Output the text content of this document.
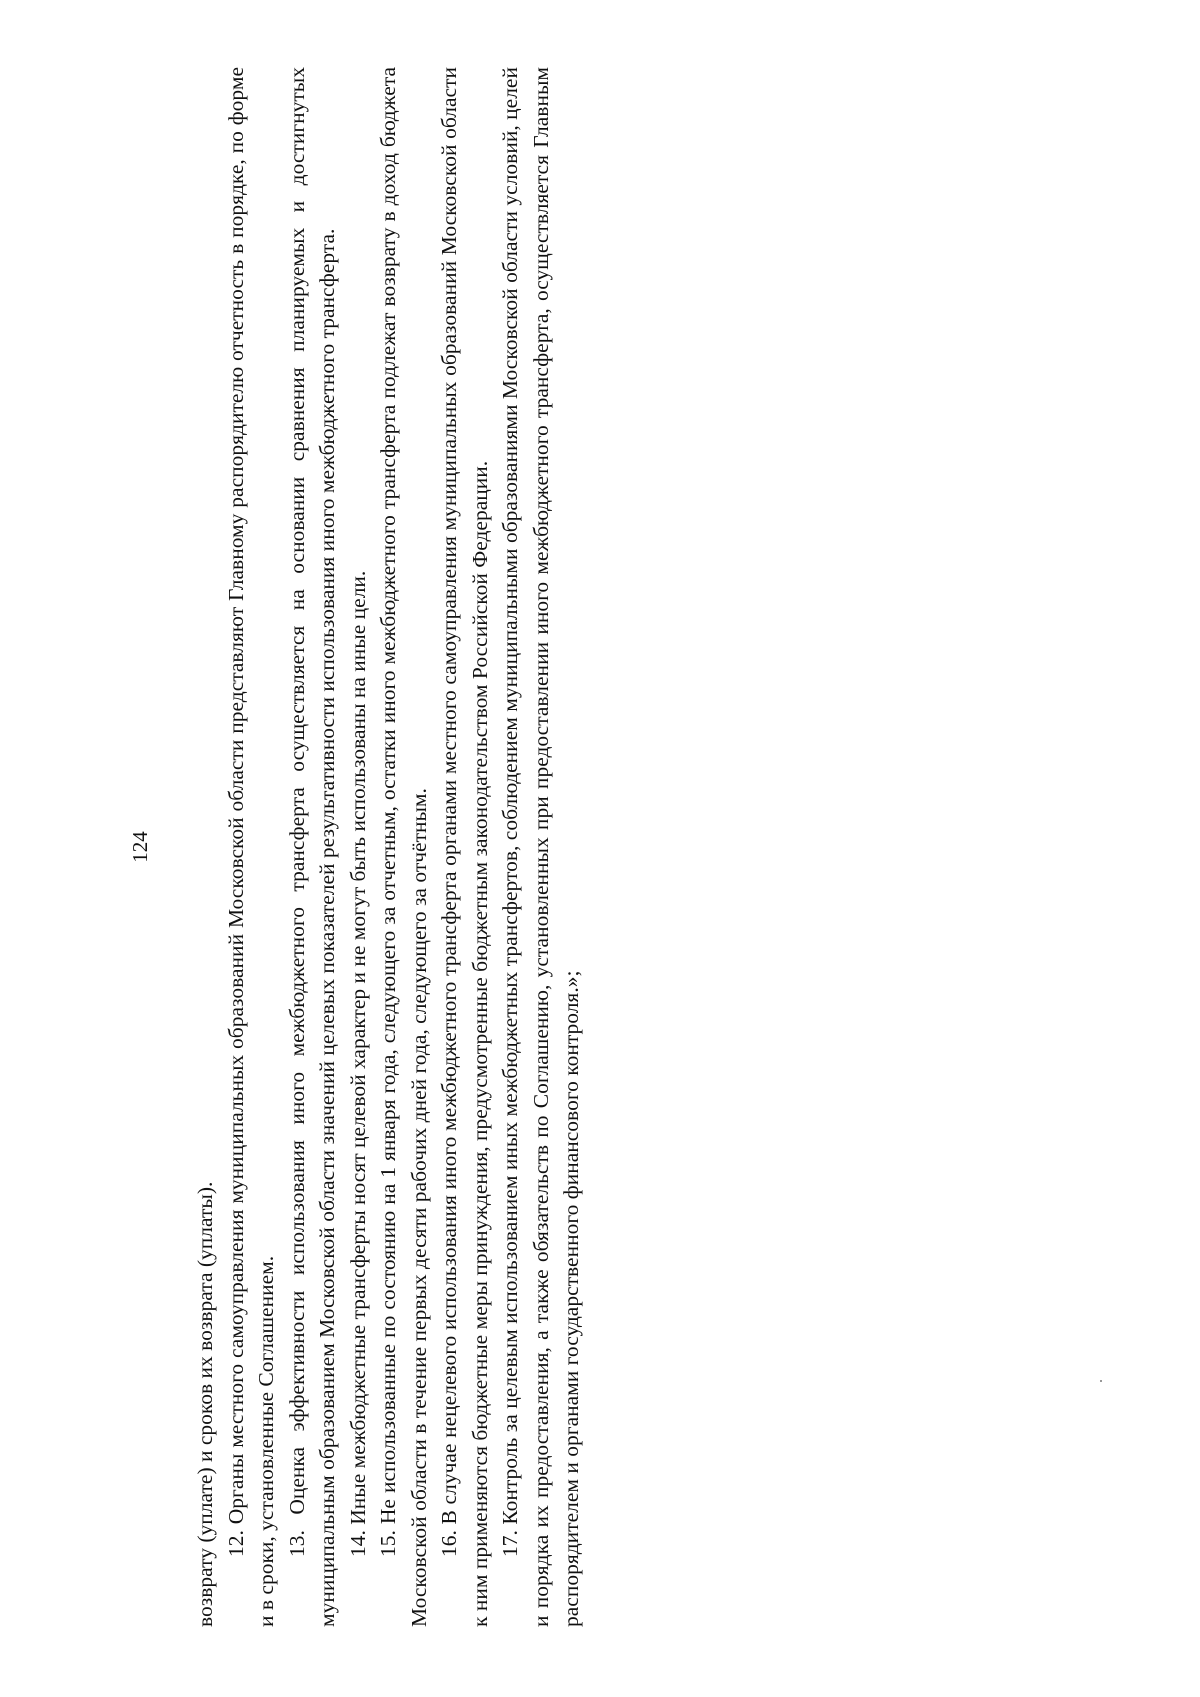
124

возврату (уплате) и сроков их возврата (уплаты). 12. Органы местного самоуправления муниципальных образований Московской области представляют Главному распорядителю отчетность в порядке, по форме и в сроки, установленные Соглашением. 13. Оценка эффективности использования иного межбюджетного трансферта осуществляется на основании сравнения планируемых и достигнутых муниципальным образованием Московской области значений целевых показателей результативности использования иного межбюджетного трансферта. 14. Иные межбюджетные трансферты носят целевой характер и не могут быть использованы на иные цели. 15. Не использованные по состоянию на 1 января года, следующего за отчетным, остатки иного межбюджетного трансферта подлежат возврату в доход бюджета Московской области в течение первых десяти рабочих дней года, следующего за отчётным. 16. В случае нецелевого использования иного межбюджетного трансферта органами местного самоуправления муниципальных образований Московской области к ним применяются бюджетные меры принуждения, предусмотренные бюджетным законодательством Российской Федерации. 17. Контроль за целевым использованием иных межбюджетных трансфертов, соблюдением муниципальными образованиями Московской области условий, целей и порядка их предоставления, а также обязательств по Соглашению, установленных при предоставлении иного межбюджетного трансферта, осуществляется Главным распорядителем и органами государственного финансового контроля.»;
